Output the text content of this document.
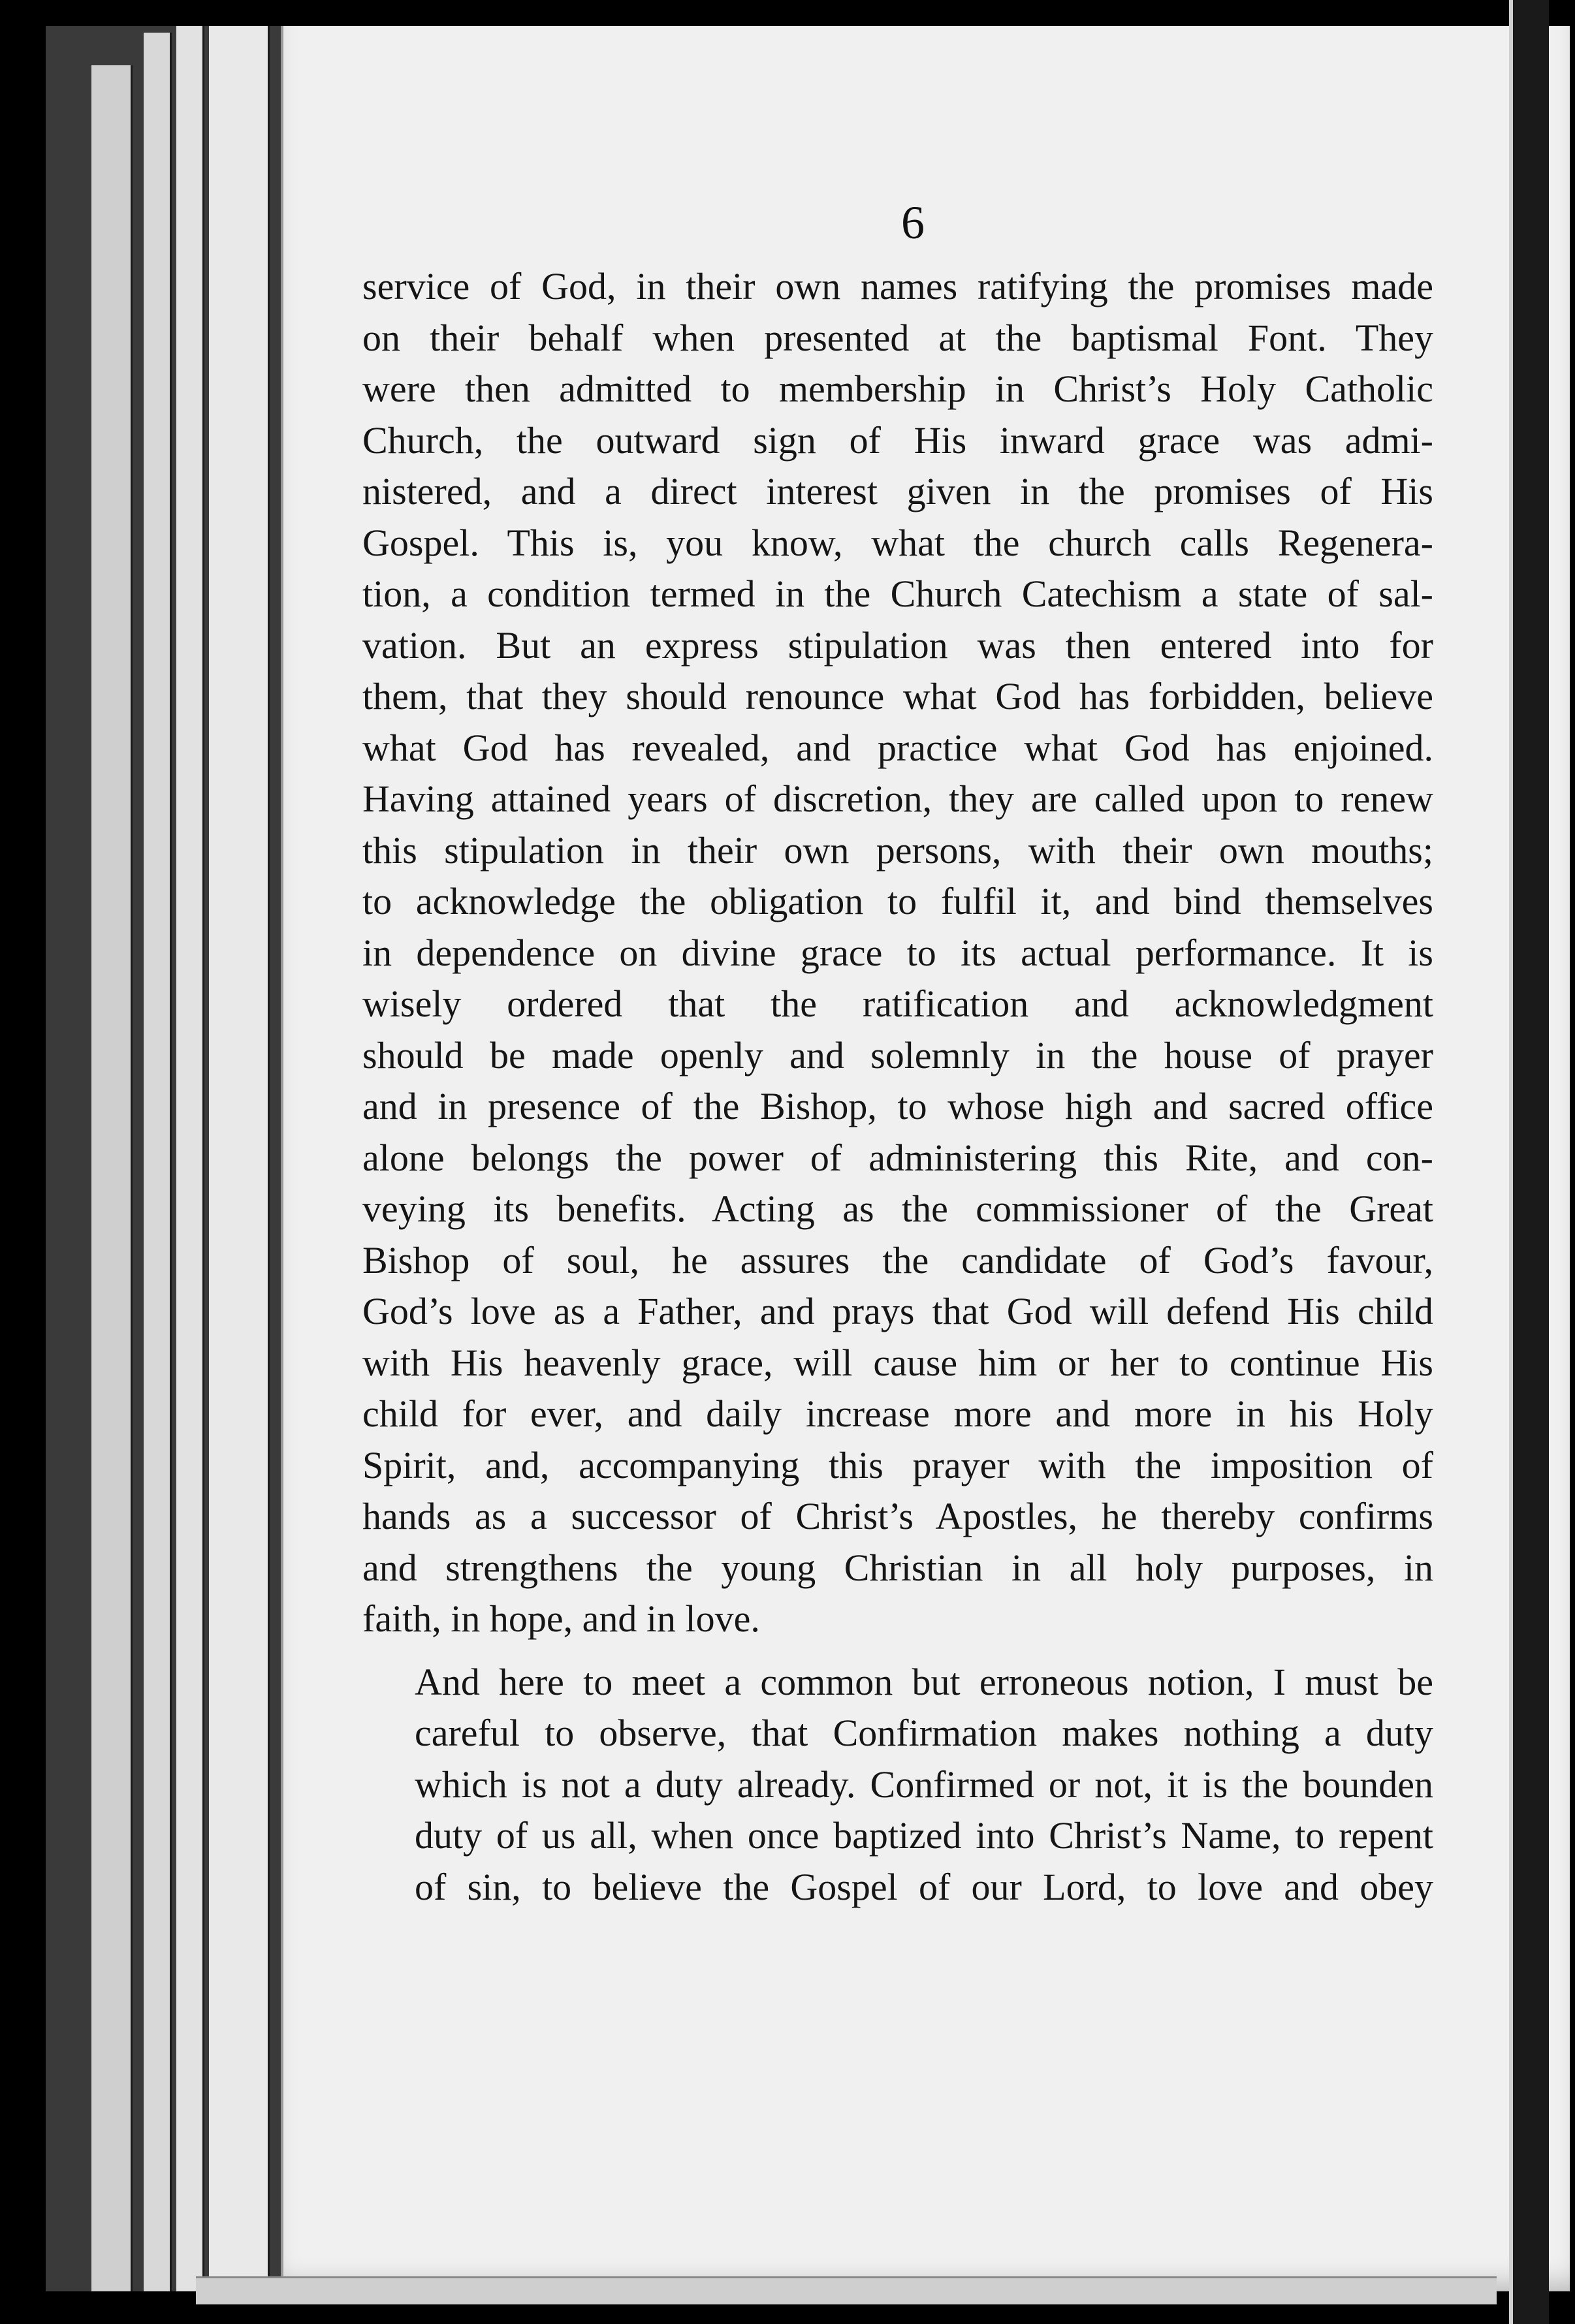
6

service of God, in their own names ratifying the promises made
on their behalf when presented at the baptismal Font. They
were then admitted to membership in Christ’s Holy Catholic
Church, the outward sign of His inward grace was admi-
nistered, and a direct interest given in the promises of His
Gospel. This is, you know, what the church calls Regenera-
tion, a condition termed in the Church Catechism a state of sal-
vation. But an express stipulation was then entered into for
them, that they should renounce what God has forbidden, believe
what God has revealed, and practice what God has enjoined.
Having attained years of discretion, they are called upon to renew
this stipulation in their own persons, with their own mouths;
to acknowledge the obligation to fulfil it, and bind themselves
in dependence on divine grace to its actual performance. It is
wisely ordered that the ratification and acknowledgment
should be made openly and solemnly in the house of prayer
and in presence of the Bishop, to whose high and sacred office
alone belongs the power of administering this Rite, and con-
veying its benefits. Acting as the commissioner of the Great
Bishop of soul, he assures the candidate of God’s favour,
God’s love as a Father, and prays that God will defend His child
with His heavenly grace, will cause him or her to continue His
child for ever, and daily increase more and more in his Holy
Spirit, and, accompanying this prayer with the imposition of
hands as a successor of Christ’s Apostles, he thereby confirms
and strengthens the young Christian in all holy purposes, in
faith, in hope, and in love.

And here to meet a common but erroneous notion, I must be
careful to observe, that Confirmation makes nothing a duty
which is not a duty already. Confirmed or not, it is the bounden
duty of us all, when once baptized into Christ’s Name, to repent
of sin, to believe the Gospel of our Lord, to love and obey
